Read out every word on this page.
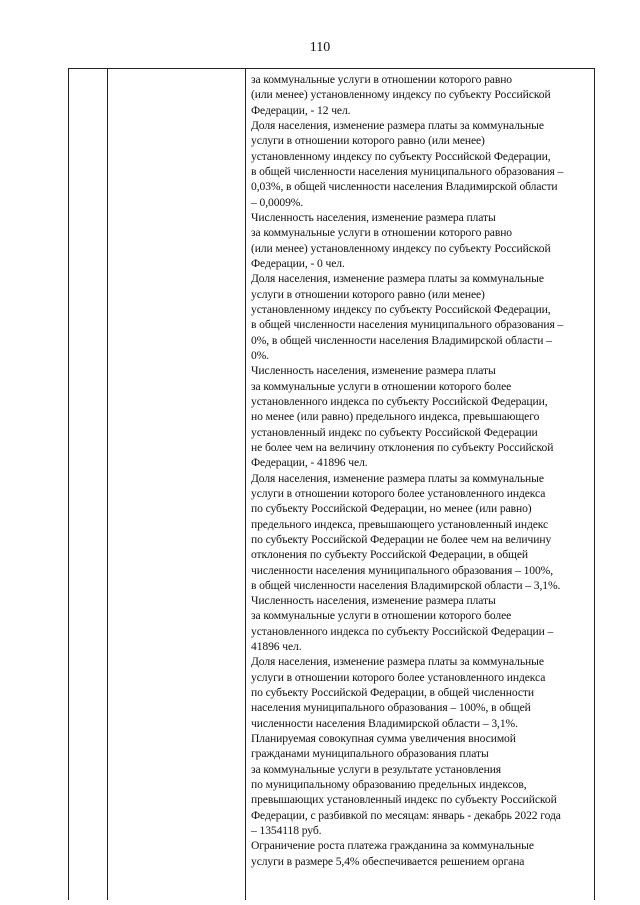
110
за коммунальные услуги в отношении которого равно
(или менее) установленному индексу по субъекту Российской
Федерации, - 12 чел.
Доля населения, изменение размера платы за коммунальные
услуги в отношении которого равно (или менее)
установленному индексу по субъекту Российской Федерации,
в общей численности населения муниципального образования –
0,03%, в общей численности населения Владимирской области
– 0,0009%.
Численность населения, изменение размера платы
за коммунальные услуги в отношении которого равно
(или менее) установленному индексу по субъекту Российской
Федерации, - 0 чел.
Доля населения, изменение размера платы за коммунальные
услуги в отношении которого равно (или менее)
установленному индексу по субъекту Российской Федерации,
в общей численности населения муниципального образования –
0%, в общей численности населения Владимирской области –
0%.
Численность населения, изменение размера платы
за коммунальные услуги в отношении которого более
установленного индекса по субъекту Российской Федерации,
но менее (или равно) предельного индекса, превышающего
установленный индекс по субъекту Российской Федерации
не более чем на величину отклонения по субъекту Российской
Федерации, - 41896 чел.
Доля населения, изменение размера платы за коммунальные
услуги в отношении которого более установленного индекса
по субъекту Российской Федерации, но менее (или равно)
предельного индекса, превышающего установленный индекс
по субъекту Российской Федерации не более чем на величину
отклонения по субъекту Российской Федерации, в общей
численности населения муниципального образования – 100%,
в общей численности населения Владимирской области – 3,1%.
Численность населения, изменение размера платы
за коммунальные услуги в отношении которого более
установленного индекса по субъекту Российской Федерации –
41896 чел.
Доля населения, изменение размера платы за коммунальные
услуги в отношении которого более установленного индекса
по субъекту Российской Федерации, в общей численности
населения муниципального образования – 100%, в общей
численности населения Владимирской области – 3,1%.
Планируемая совокупная сумма увеличения вносимой
гражданами муниципального образования платы
за коммунальные услуги в результате установления
по муниципальному образованию предельных индексов,
превышающих установленный индекс по субъекту Российской
Федерации, с разбивкой по месяцам: январь - декабрь 2022 года
– 1354118 руб.
Ограничение роста платежа гражданина за коммунальные
услуги в размере 5,4% обеспечивается решением органа
